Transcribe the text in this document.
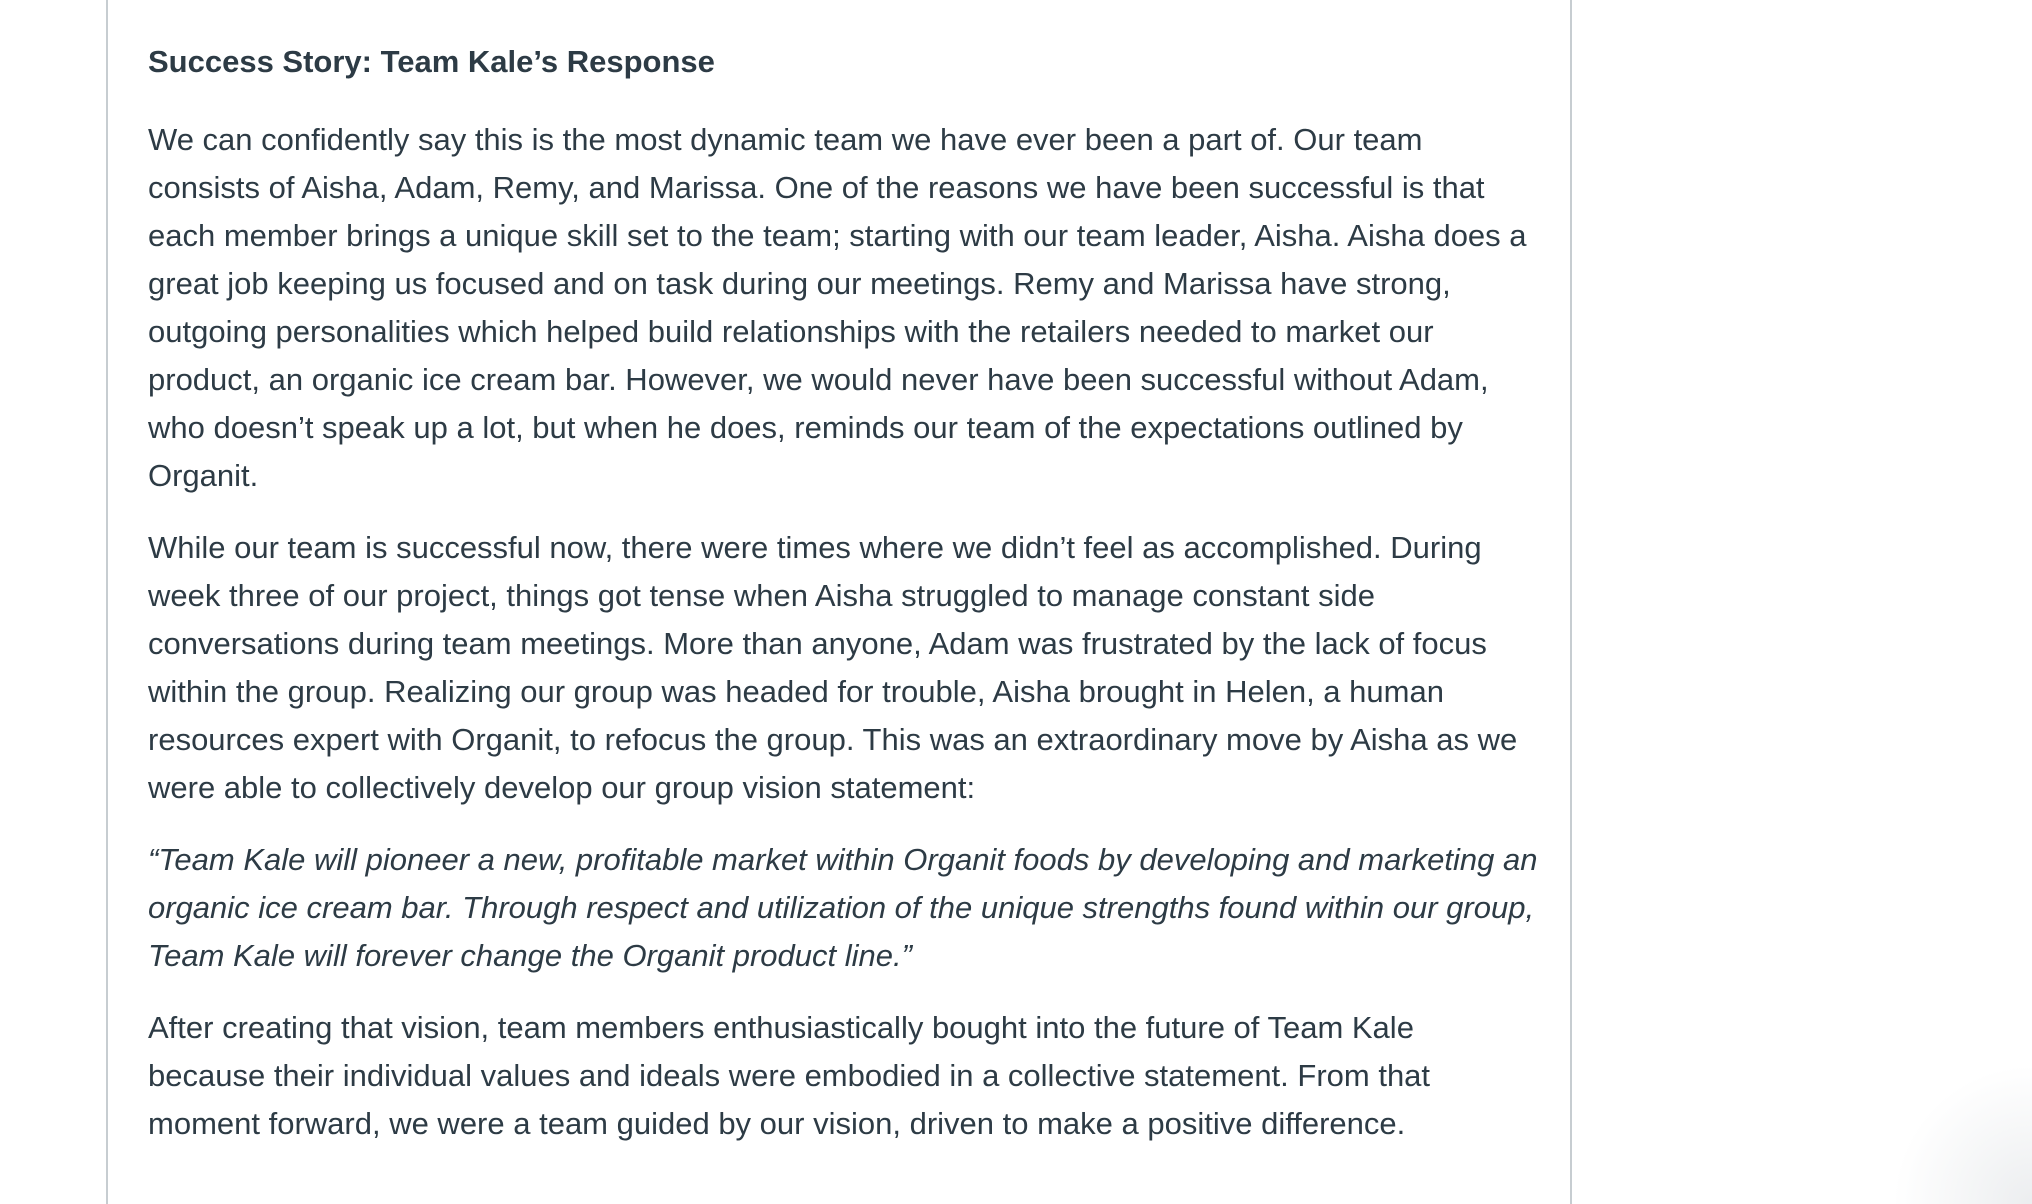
Success Story: Team Kale’s Response

We can confidently say this is the most dynamic team we have ever been a part of. Our team consists of Aisha, Adam, Remy, and Marissa. One of the reasons we have been successful is that each member brings a unique skill set to the team; starting with our team leader, Aisha. Aisha does a great job keeping us focused and on task during our meetings. Remy and Marissa have strong, outgoing personalities which helped build relationships with the retailers needed to market our product, an organic ice cream bar. However, we would never have been successful without Adam, who doesn’t speak up a lot, but when he does, reminds our team of the expectations outlined by Organit.

While our team is successful now, there were times where we didn’t feel as accomplished. During week three of our project, things got tense when Aisha struggled to manage constant side conversations during team meetings. More than anyone, Adam was frustrated by the lack of focus within the group. Realizing our group was headed for trouble, Aisha brought in Helen, a human resources expert with Organit, to refocus the group. This was an extraordinary move by Aisha as we were able to collectively develop our group vision statement:

“Team Kale will pioneer a new, profitable market within Organit foods by developing and marketing an organic ice cream bar. Through respect and utilization of the unique strengths found within our group, Team Kale will forever change the Organit product line.”

After creating that vision, team members enthusiastically bought into the future of Team Kale because their individual values and ideals were embodied in a collective statement. From that moment forward, we were a team guided by our vision, driven to make a positive difference.
